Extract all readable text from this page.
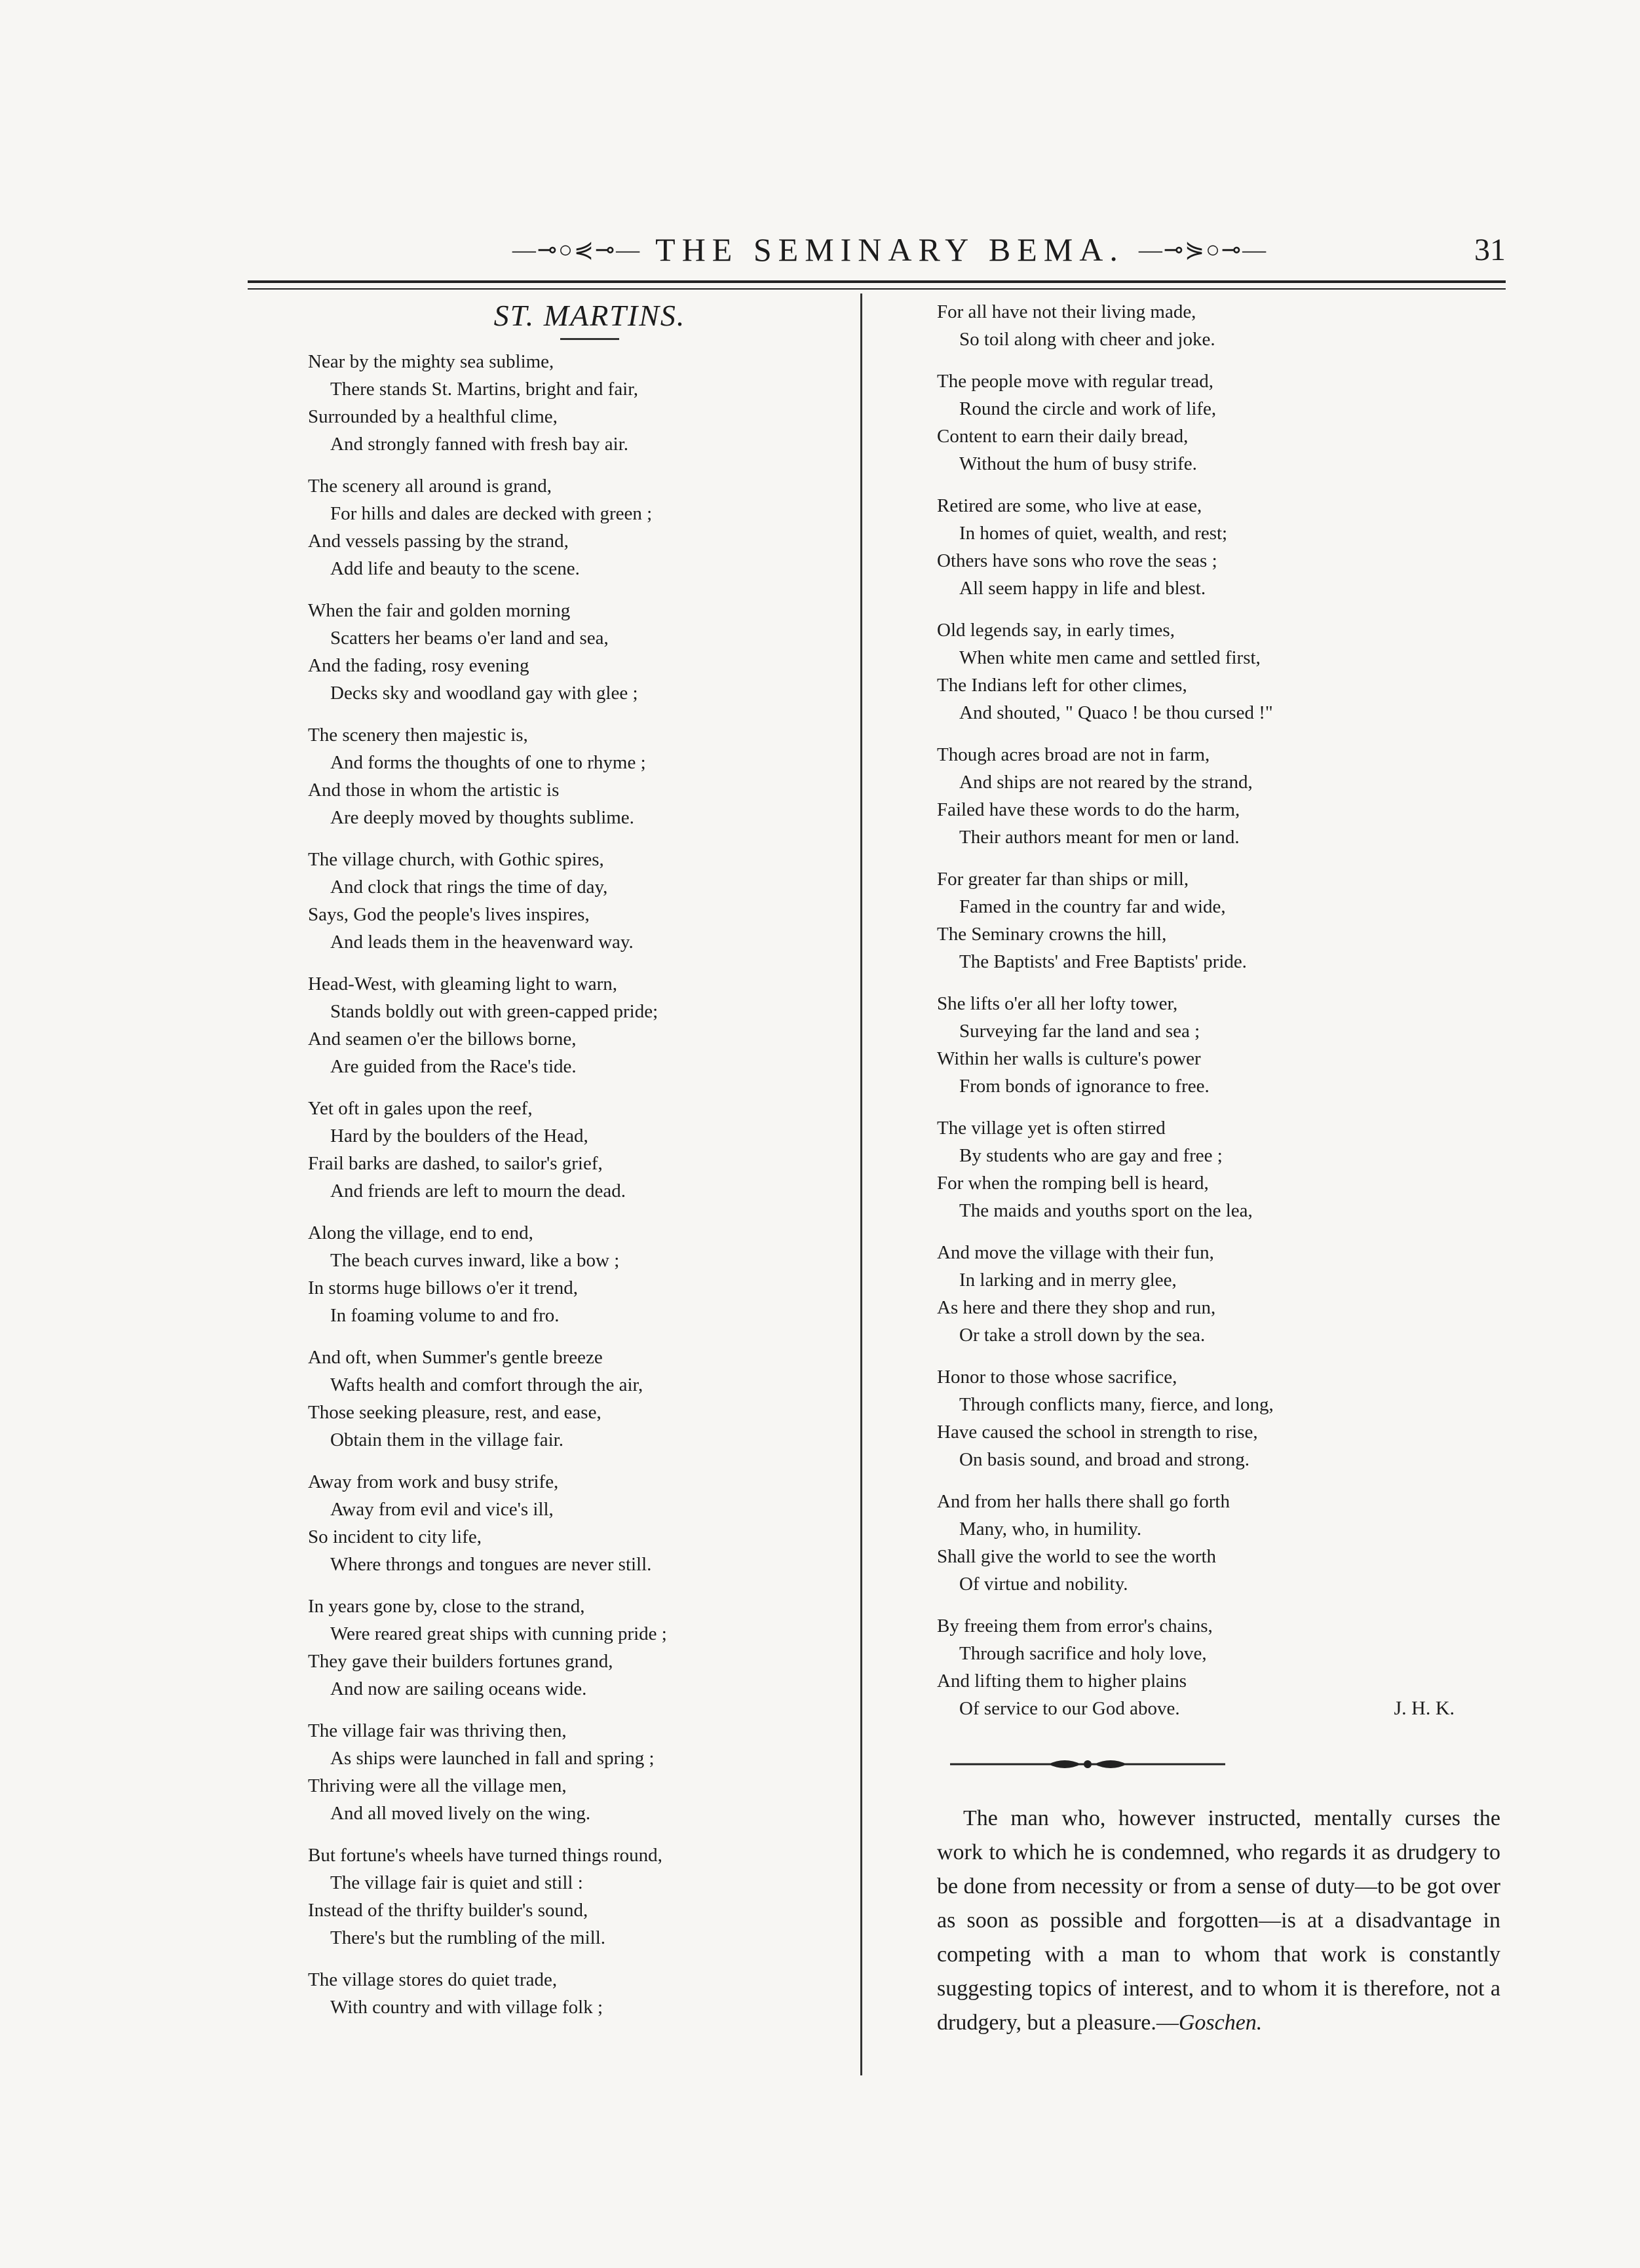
—⊸○⋞⊸— THE SEMINARY BEMA. —⊸⋟○⊸—	31
ST. MARTINS.
Near by the mighty sea sublime,
There stands St. Martins, bright and fair,
Surrounded by a healthful clime,
And strongly fanned with fresh bay air.
The scenery all around is grand,
For hills and dales are decked with green ;
And vessels passing by the strand,
Add life and beauty to the scene.
When the fair and golden morning
Scatters her beams o'er land and sea,
And the fading, rosy evening
Decks sky and woodland gay with glee ;
The scenery then majestic is,
And forms the thoughts of one to rhyme ;
And those in whom the artistic is
Are deeply moved by thoughts sublime.
The village church, with Gothic spires,
And clock that rings the time of day,
Says, God the people's lives inspires,
And leads them in the heavenward way.
Head-West, with gleaming light to warn,
Stands boldly out with green-capped pride;
And seamen o'er the billows borne,
Are guided from the Race's tide.
Yet oft in gales upon the reef,
Hard by the boulders of the Head,
Frail barks are dashed, to sailor's grief,
And friends are left to mourn the dead.
Along the village, end to end,
The beach curves inward, like a bow ;
In storms huge billows o'er it trend,
In foaming volume to and fro.
And oft, when Summer's gentle breeze
Wafts health and comfort through the air,
Those seeking pleasure, rest, and ease,
Obtain them in the village fair.
Away from work and busy strife,
Away from evil and vice's ill,
So incident to city life,
Where throngs and tongues are never still.
In years gone by, close to the strand,
Were reared great ships with cunning pride ;
They gave their builders fortunes grand,
And now are sailing oceans wide.
The village fair was thriving then,
As ships were launched in fall and spring ;
Thriving were all the village men,
And all moved lively on the wing.
But fortune's wheels have turned things round,
The village fair is quiet and still :
Instead of the thrifty builder's sound,
There's but the rumbling of the mill.
The village stores do quiet trade,
With country and with village folk ;
For all have not their living made,
So toil along with cheer and joke.
The people move with regular tread,
Round the circle and work of life,
Content to earn their daily bread,
Without the hum of busy strife.
Retired are some, who live at ease,
In homes of quiet, wealth, and rest;
Others have sons who rove the seas ;
All seem happy in life and blest.
Old legends say, in early times,
When white men came and settled first,
The Indians left for other climes,
And shouted, " Quaco ! be thou cursed !"
Though acres broad are not in farm,
And ships are not reared by the strand,
Failed have these words to do the harm,
Their authors meant for men or land.
For greater far than ships or mill,
Famed in the country far and wide,
The Seminary crowns the hill,
The Baptists' and Free Baptists' pride.
She lifts o'er all her lofty tower,
Surveying far the land and sea ;
Within her walls is culture's power
From bonds of ignorance to free.
The village yet is often stirred
By students who are gay and free ;
For when the romping bell is heard,
The maids and youths sport on the lea,
And move the village with their fun,
In larking and in merry glee,
As here and there they shop and run,
Or take a stroll down by the sea.
Honor to those whose sacrifice,
Through conflicts many, fierce, and long,
Have caused the school in strength to rise,
On basis sound, and broad and strong.
And from her halls there shall go forth
Many, who, in humility.
Shall give the world to see the worth
Of virtue and nobility.
By freeing them from error's chains,
Through sacrifice and holy love,
And lifting them to higher plains
Of service to our God above.	J. H. K.
The man who, however instructed, mentally curses the work to which he is condemned, who regards it as drudgery to be done from necessity or from a sense of duty—to be got over as soon as possible and forgotten—is at a disadvantage in competing with a man to whom that work is constantly suggesting topics of interest, and to whom it is therefore, not a drudgery, but a pleasure.—Goschen.
